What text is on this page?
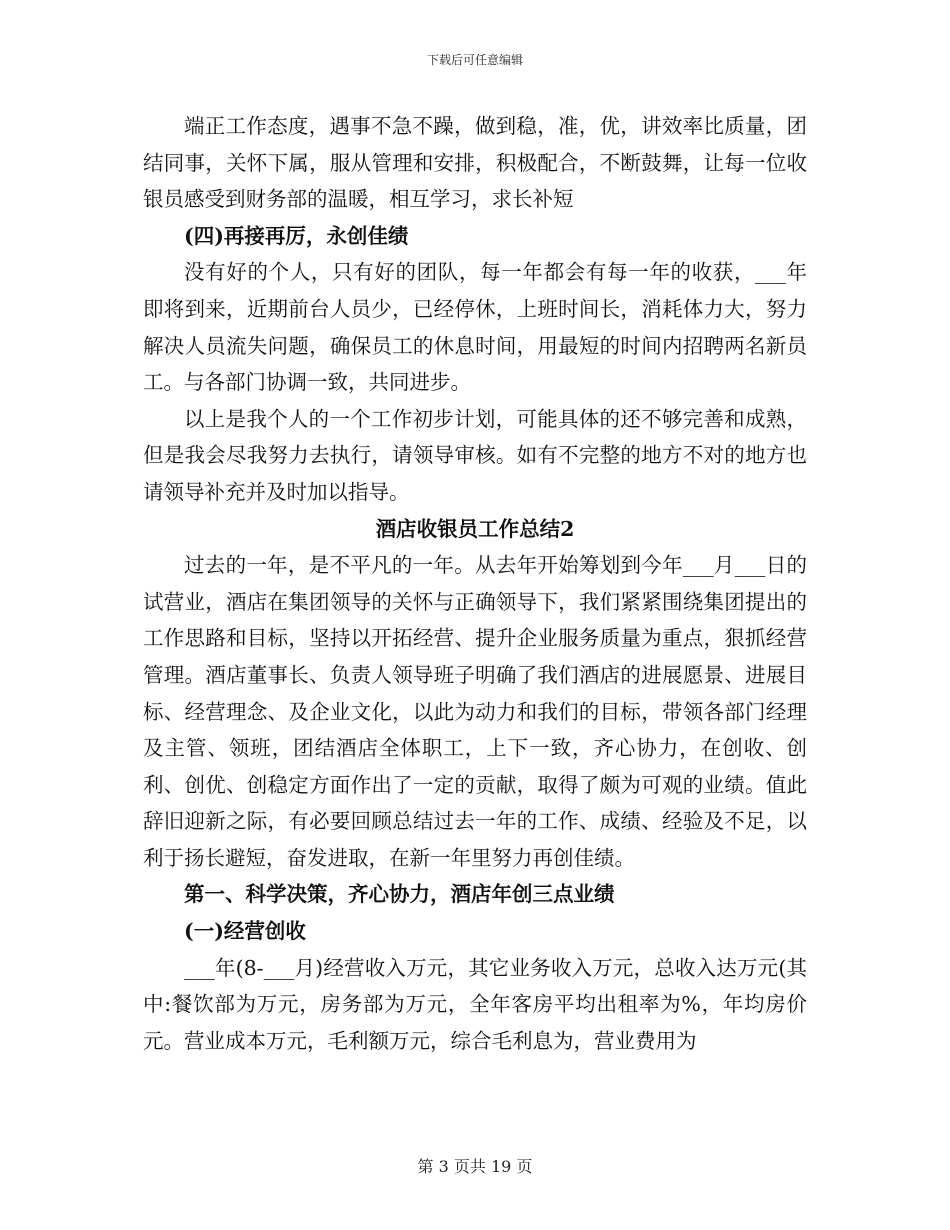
下载后可任意编辑

端正工作态度，遇事不急不躁，做到稳，准，优，讲效率比质量，团结同事，关怀下属，服从管理和安排，积极配合，不断鼓舞，让每一位收银员感受到财务部的温暖，相互学习，求长补短

(四)再接再厉，永创佳绩

没有好的个人，只有好的团队，每一年都会有每一年的收获，___年即将到来，近期前台人员少，已经停休，上班时间长，消耗体力大，努力解决人员流失问题，确保员工的休息时间，用最短的时间内招聘两名新员工。与各部门协调一致，共同进步。

以上是我个人的一个工作初步计划，可能具体的还不够完善和成熟，但是我会尽我努力去执行，请领导审核。如有不完整的地方不对的地方也请领导补充并及时加以指导。

酒店收银员工作总结2

过去的一年，是不平凡的一年。从去年开始筹划到今年___月___日的试营业，酒店在集团领导的关怀与正确领导下，我们紧紧围绕集团提出的工作思路和目标，坚持以开拓经营、提升企业服务质量为重点，狠抓经营管理。酒店董事长、负责人领导班子明确了我们酒店的进展愿景、进展目标、经营理念、及企业文化，以此为动力和我们的目标，带领各部门经理及主管、领班，团结酒店全体职工，上下一致，齐心协力，在创收、创利、创优、创稳定方面作出了一定的贡献，取得了颇为可观的业绩。值此辞旧迎新之际，有必要回顾总结过去一年的工作、成绩、经验及不足，以利于扬长避短，奋发进取，在新一年里努力再创佳绩。

第一、科学决策，齐心协力，酒店年创三点业绩

(一)经营创收

___年(8-___月)经营收入万元，其它业务收入万元，总收入达万元(其中:餐饮部为万元，房务部为万元，全年客房平均出租率为%，年均房价元。营业成本万元，毛利额万元，综合毛利息为，营业费用为

第 3 页共 19 页
